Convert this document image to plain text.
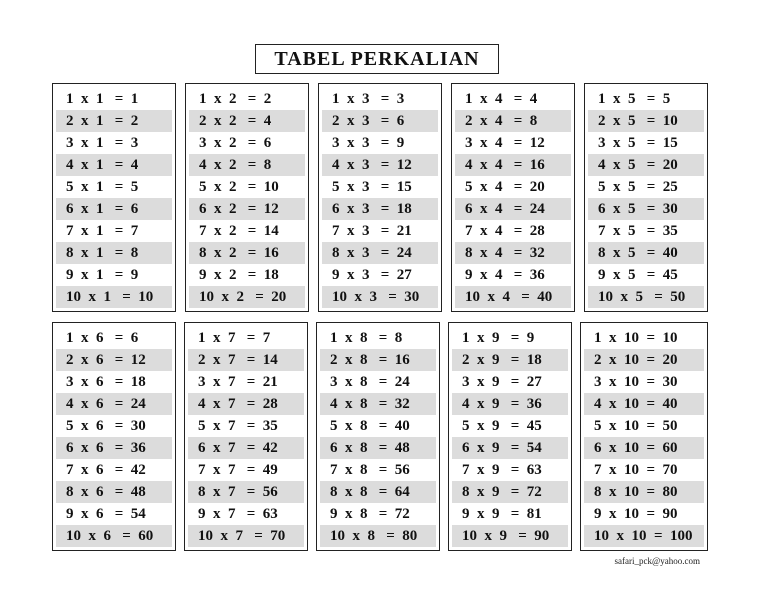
TABEL PERKALIAN
1  x  1   =  1
2  x  1   =  2
3  x  1   =  3
4  x  1   =  4
5  x  1   =  5
6  x  1   =  6
7  x  1   =  7
8  x  1   =  8
9  x  1   =  9
10  x  1   =  10
1  x  2   =  2
2  x  2   =  4
3  x  2   =  6
4  x  2   =  8
5  x  2   =  10
6  x  2   =  12
7  x  2   =  14
8  x  2   =  16
9  x  2   =  18
10  x  2   =  20
1  x  3   =  3
2  x  3   =  6
3  x  3   =  9
4  x  3   =  12
5  x  3   =  15
6  x  3   =  18
7  x  3   =  21
8  x  3   =  24
9  x  3   =  27
10  x  3   =  30
1  x  4   =  4
2  x  4   =  8
3  x  4   =  12
4  x  4   =  16
5  x  4   =  20
6  x  4   =  24
7  x  4   =  28
8  x  4   =  32
9  x  4   =  36
10  x  4   =  40
1  x  5   =  5
2  x  5   =  10
3  x  5   =  15
4  x  5   =  20
5  x  5   =  25
6  x  5   =  30
7  x  5   =  35
8  x  5   =  40
9  x  5   =  45
10  x  5   =  50
1  x  6   =  6
2  x  6   =  12
3  x  6   =  18
4  x  6   =  24
5  x  6   =  30
6  x  6   =  36
7  x  6   =  42
8  x  6   =  48
9  x  6   =  54
10  x  6   =  60
1  x  7   =  7
2  x  7   =  14
3  x  7   =  21
4  x  7   =  28
5  x  7   =  35
6  x  7   =  42
7  x  7   =  49
8  x  7   =  56
9  x  7   =  63
10  x  7   =  70
1  x  8   =  8
2  x  8   =  16
3  x  8   =  24
4  x  8   =  32
5  x  8   =  40
6  x  8   =  48
7  x  8   =  56
8  x  8   =  64
9  x  8   =  72
10  x  8   =  80
1  x  9   =  9
2  x  9   =  18
3  x  9   =  27
4  x  9   =  36
5  x  9   =  45
6  x  9   =  54
7  x  9   =  63
8  x  9   =  72
9  x  9   =  81
10  x  9   =  90
1  x  10  =  10
2  x  10  =  20
3  x  10  =  30
4  x  10  =  40
5  x  10  =  50
6  x  10  =  60
7  x  10  =  70
8  x  10  =  80
9  x  10  =  90
10  x  10  =  100
safari_pck@yahoo.com
